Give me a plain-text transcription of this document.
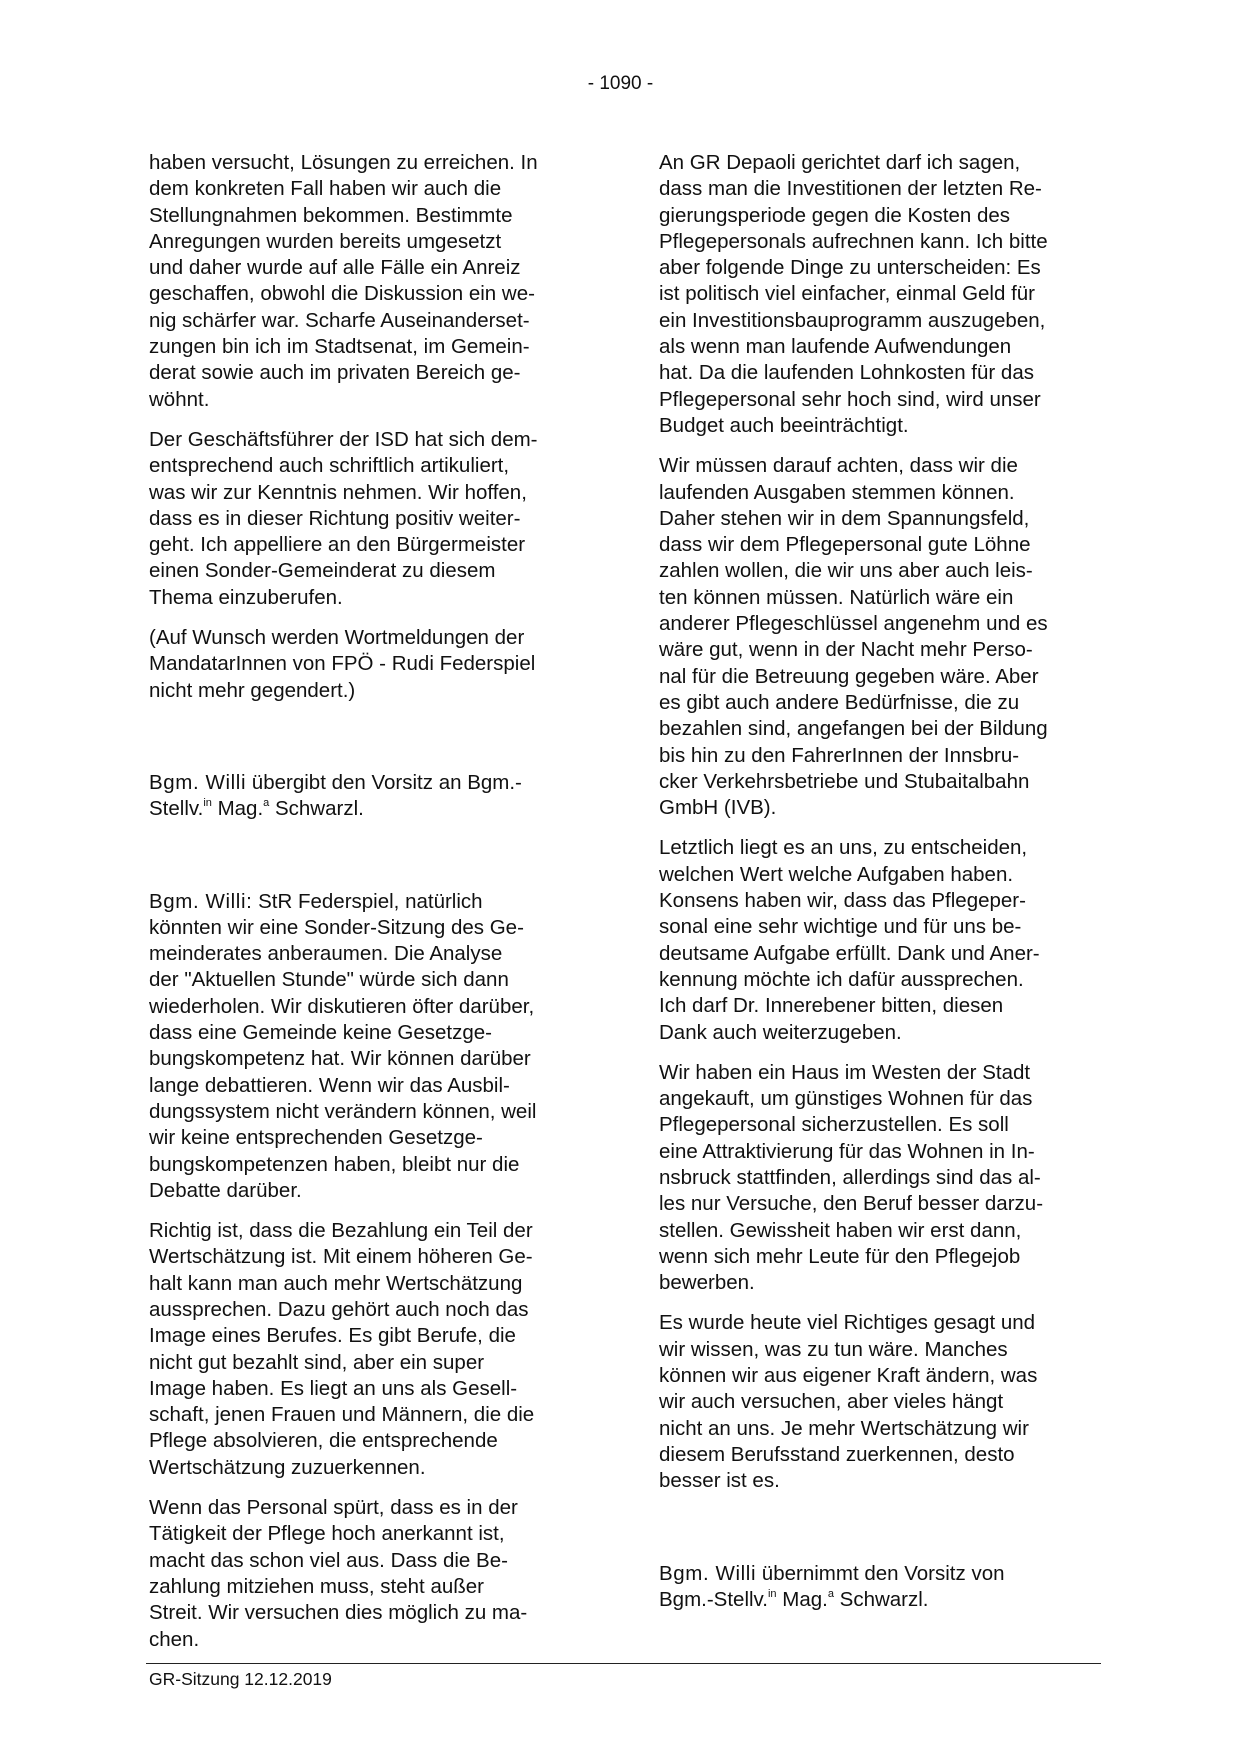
- 1090 -
haben versucht, Lösungen zu erreichen. In
dem konkreten Fall haben wir auch die
Stellungnahmen bekommen. Bestimmte
Anregungen wurden bereits umgesetzt
und daher wurde auf alle Fälle ein Anreiz
geschaffen, obwohl die Diskussion ein we-
nig schärfer war. Scharfe Auseinanderset-
zungen bin ich im Stadtsenat, im Gemein-
derat sowie auch im privaten Bereich ge-
wöhnt.
Der Geschäftsführer der ISD hat sich dem-
entsprechend auch schriftlich artikuliert,
was wir zur Kenntnis nehmen. Wir hoffen,
dass es in dieser Richtung positiv weiter-
geht. Ich appelliere an den Bürgermeister
einen Sonder-Gemeinderat zu diesem
Thema einzuberufen.
(Auf Wunsch werden Wortmeldungen der
MandatarInnen von FPÖ - Rudi Federspiel
nicht mehr gegendert.)
Bgm. Willi übergibt den Vorsitz an Bgm.-
Stellv.$^{in}$ Mag.$^a$ Schwarzl.
Bgm. Willi: StR Federspiel, natürlich
könnten wir eine Sonder-Sitzung des Ge-
meinderates anberaumen. Die Analyse
der "Aktuellen Stunde" würde sich dann
wiederholen. Wir diskutieren öfter darüber,
dass eine Gemeinde keine Gesetzge-
bungskompetenz hat. Wir können darüber
lange debattieren. Wenn wir das Ausbil-
dungssystem nicht verändern können, weil
wir keine entsprechenden Gesetzge-
bungskompetenzen haben, bleibt nur die
Debatte darüber.
Richtig ist, dass die Bezahlung ein Teil der
Wertschätzung ist. Mit einem höheren Ge-
halt kann man auch mehr Wertschätzung
aussprechen. Dazu gehört auch noch das
Image eines Berufes. Es gibt Berufe, die
nicht gut bezahlt sind, aber ein super
Image haben. Es liegt an uns als Gesell-
schaft, jenen Frauen und Männern, die die
Pflege absolvieren, die entsprechende
Wertschätzung zuzuerkennen.
Wenn das Personal spürt, dass es in der
Tätigkeit der Pflege hoch anerkannt ist,
macht das schon viel aus. Dass die Be-
zahlung mitziehen muss, steht außer
Streit. Wir versuchen dies möglich zu ma-
chen.
An GR Depaoli gerichtet darf ich sagen,
dass man die Investitionen der letzten Re-
gierungsperiode gegen die Kosten des
Pflegepersonals aufrechnen kann. Ich bitte
aber folgende Dinge zu unterscheiden: Es
ist politisch viel einfacher, einmal Geld für
ein Investitionsbauprogramm auszugeben,
als wenn man laufende Aufwendungen
hat. Da die laufenden Lohnkosten für das
Pflegepersonal sehr hoch sind, wird unser
Budget auch beeinträchtigt.
Wir müssen darauf achten, dass wir die
laufenden Ausgaben stemmen können.
Daher stehen wir in dem Spannungsfeld,
dass wir dem Pflegepersonal gute Löhne
zahlen wollen, die wir uns aber auch leis-
ten können müssen. Natürlich wäre ein
anderer Pflegeschlüssel angenehm und es
wäre gut, wenn in der Nacht mehr Perso-
nal für die Betreuung gegeben wäre. Aber
es gibt auch andere Bedürfnisse, die zu
bezahlen sind, angefangen bei der Bildung
bis hin zu den FahrerInnen der Innsbru-
cker Verkehrsbetriebe und Stubaitalbahn
GmbH (IVB).
Letztlich liegt es an uns, zu entscheiden,
welchen Wert welche Aufgaben haben.
Konsens haben wir, dass das Pflegeper-
sonal eine sehr wichtige und für uns be-
deutsame Aufgabe erfüllt. Dank und Aner-
kennung möchte ich dafür aussprechen.
Ich darf Dr. Innerebener bitten, diesen
Dank auch weiterzugeben.
Wir haben ein Haus im Westen der Stadt
angekauft, um günstiges Wohnen für das
Pflegepersonal sicherzustellen. Es soll
eine Attraktivierung für das Wohnen in In-
nsbruck stattfinden, allerdings sind das al-
les nur Versuche, den Beruf besser darzu-
stellen. Gewissheit haben wir erst dann,
wenn sich mehr Leute für den Pflegejob
bewerben.
Es wurde heute viel Richtiges gesagt und
wir wissen, was zu tun wäre. Manches
können wir aus eigener Kraft ändern, was
wir auch versuchen, aber vieles hängt
nicht an uns. Je mehr Wertschätzung wir
diesem Berufsstand zuerkennen, desto
besser ist es.
Bgm. Willi übernimmt den Vorsitz von
Bgm.-Stellv.$^{in}$ Mag.$^a$ Schwarzl.
GR-Sitzung 12.12.2019
